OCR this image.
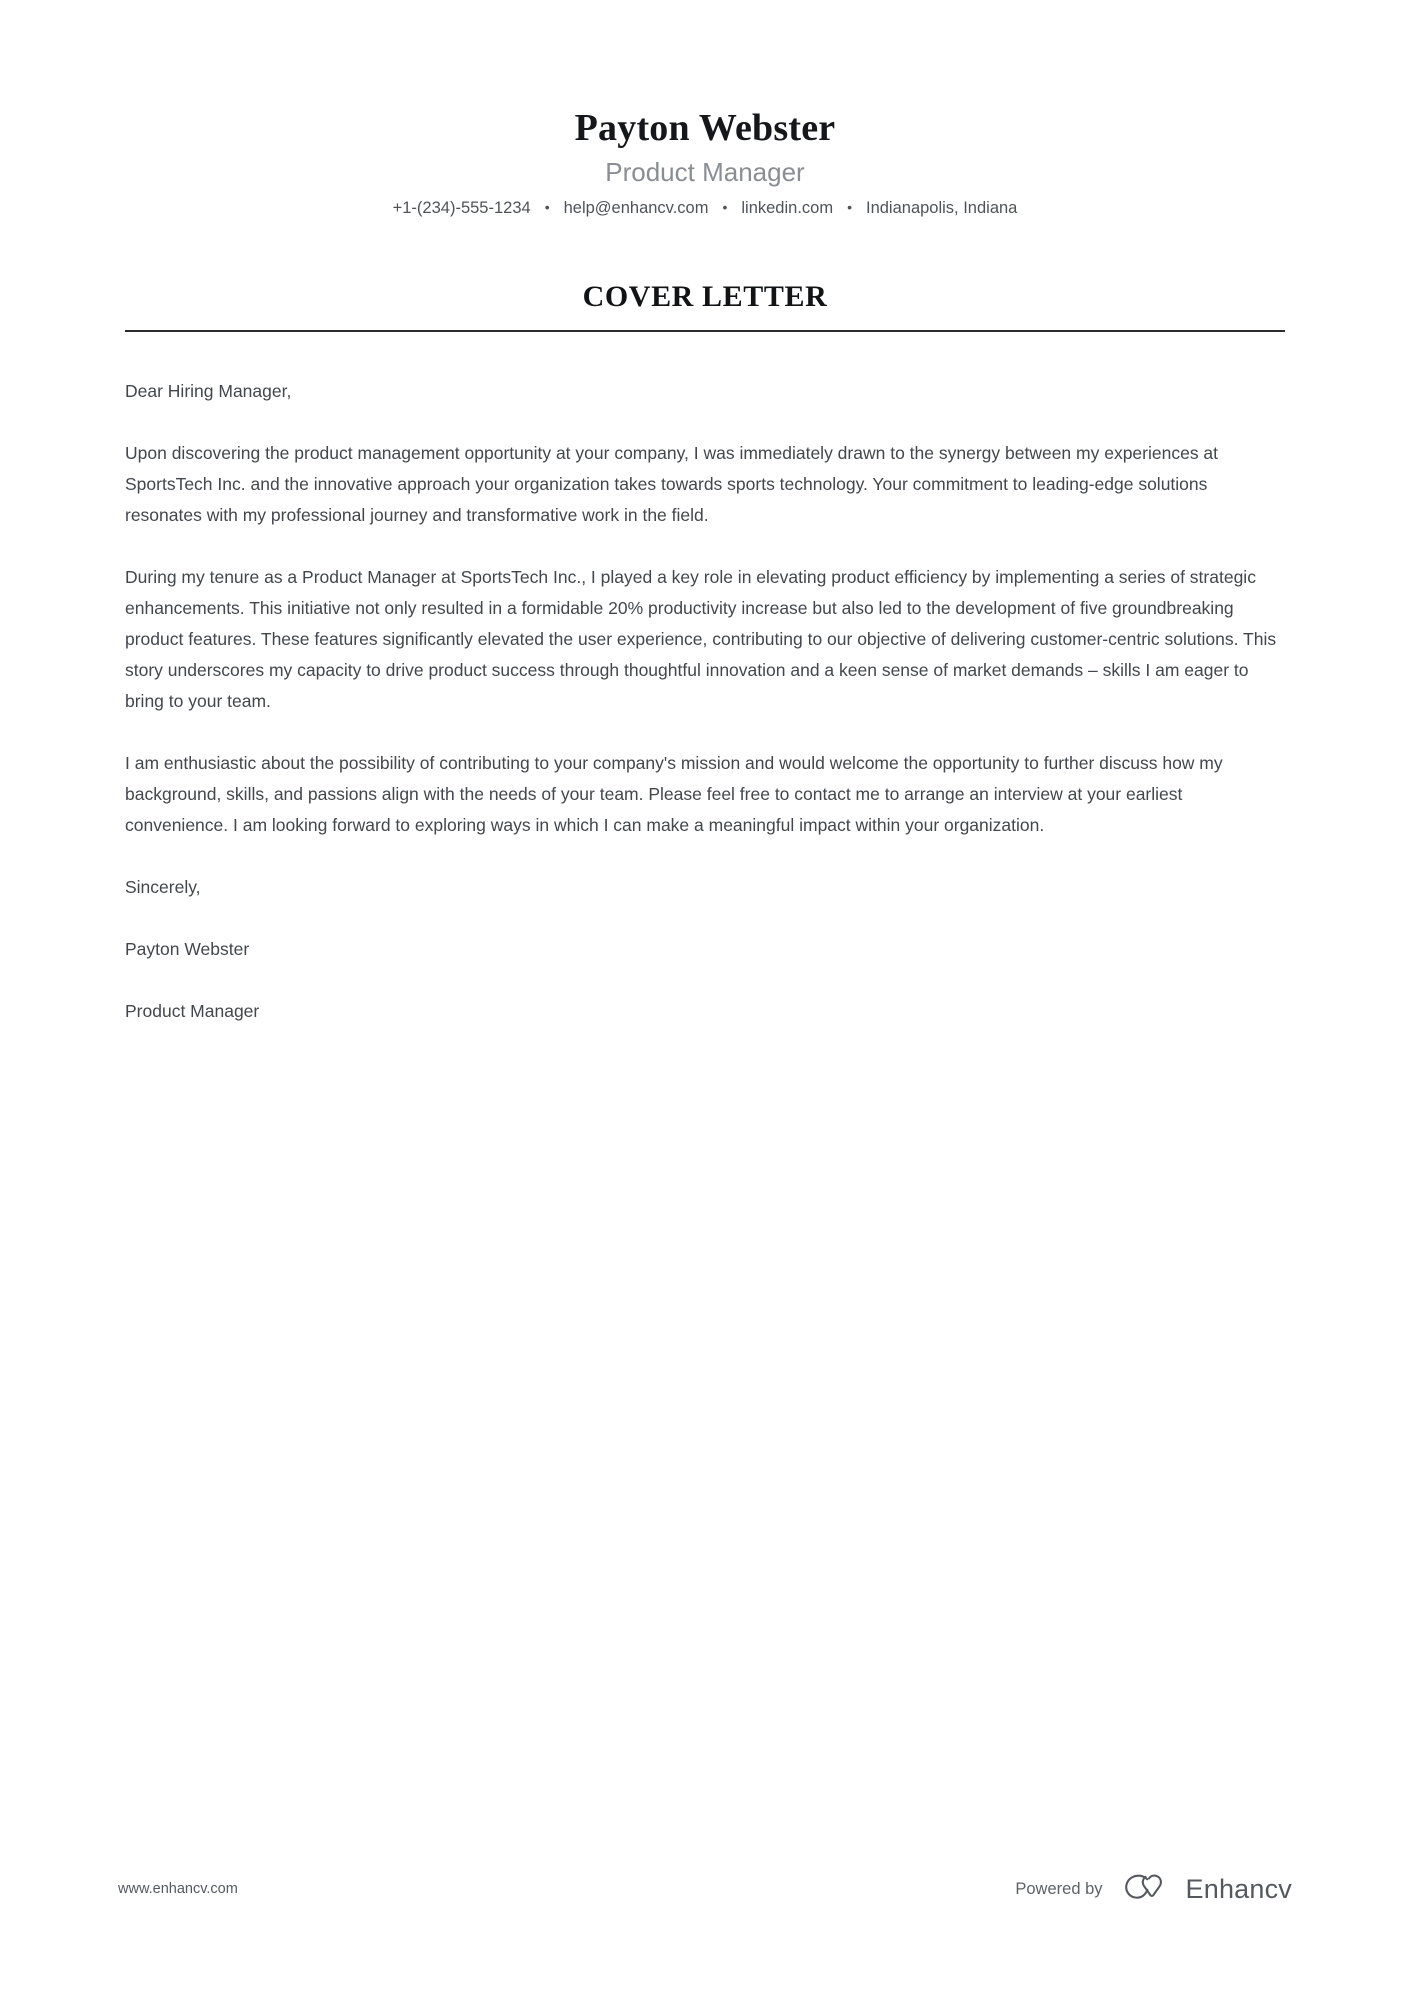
Payton Webster
Product Manager
+1-(234)-555-1234 • help@enhancv.com • linkedin.com • Indianapolis, Indiana
COVER LETTER

Dear Hiring Manager,

Upon discovering the product management opportunity at your company, I was immediately drawn to the synergy between my experiences at SportsTech Inc. and the innovative approach your organization takes towards sports technology. Your commitment to leading-edge solutions resonates with my professional journey and transformative work in the field.

During my tenure as a Product Manager at SportsTech Inc., I played a key role in elevating product efficiency by implementing a series of strategic enhancements. This initiative not only resulted in a formidable 20% productivity increase but also led to the development of five groundbreaking product features. These features significantly elevated the user experience, contributing to our objective of delivering customer-centric solutions. This story underscores my capacity to drive product success through thoughtful innovation and a keen sense of market demands – skills I am eager to bring to your team.

I am enthusiastic about the possibility of contributing to your company's mission and would welcome the opportunity to further discuss how my background, skills, and passions align with the needs of your team. Please feel free to contact me to arrange an interview at your earliest convenience. I am looking forward to exploring ways in which I can make a meaningful impact within your organization.

Sincerely,

Payton Webster

Product Manager

www.enhancv.com	Powered by	Enhancv
